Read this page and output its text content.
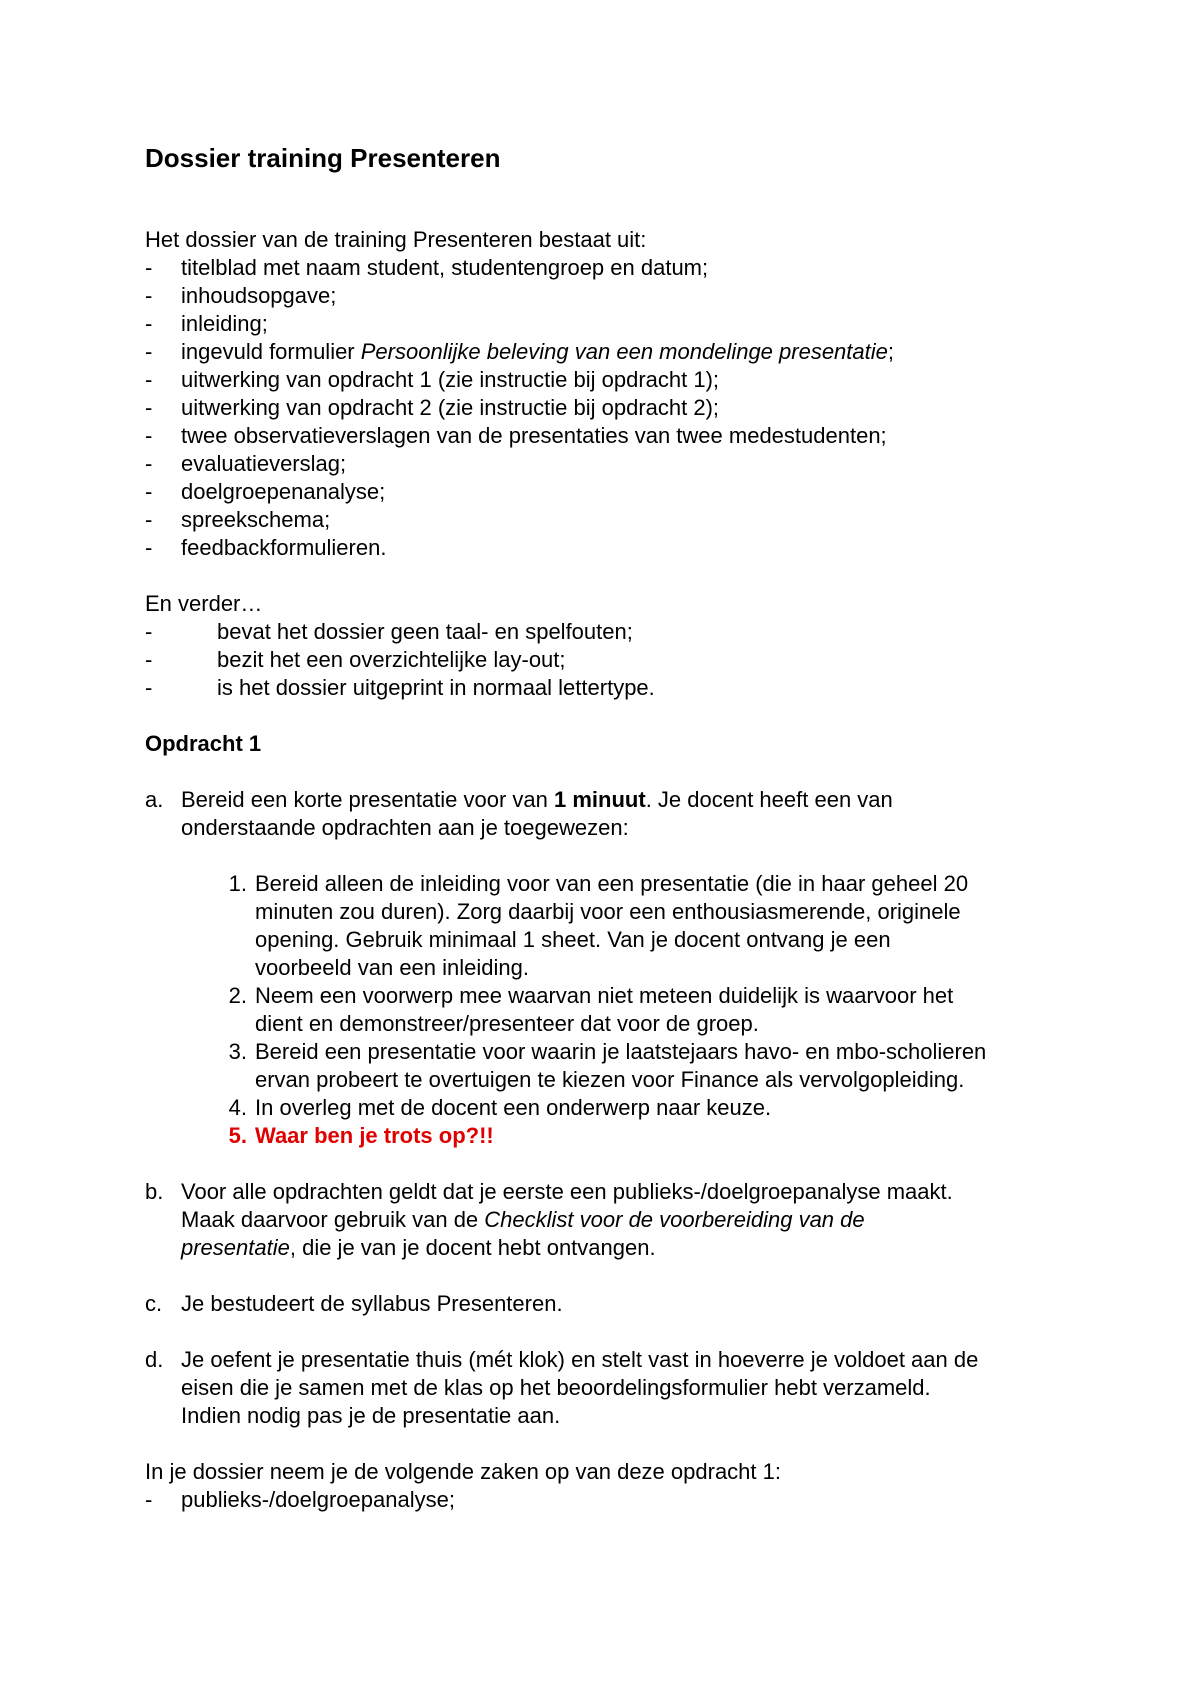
Dossier training Presenteren
Het dossier van de training Presenteren bestaat uit:
- titelblad met naam student, studentengroep en datum;
- inhoudsopgave;
- inleiding;
- ingevuld formulier Persoonlijke beleving van een mondelinge presentatie;
- uitwerking van opdracht 1 (zie instructie bij opdracht 1);
- uitwerking van opdracht 2 (zie instructie bij opdracht 2);
- twee observatieverslagen van de presentaties van twee medestudenten;
- evaluatieverslag;
- doelgroepenanalyse;
- spreekschema;
- feedbackformulieren.
En verder…
-	bevat het dossier geen taal- en spelfouten;
-	bezit het een overzichtelijke lay-out;
-	is het dossier uitgeprint in normaal lettertype.
Opdracht 1
a. Bereid een korte presentatie voor van 1 minuut. Je docent heeft een van
onderstaande opdrachten aan je toegewezen:
1. Bereid alleen de inleiding voor van een presentatie (die in haar geheel 20
minuten zou duren). Zorg daarbij voor een enthousiasmerende, originele
opening. Gebruik minimaal 1 sheet. Van je docent ontvang je een
voorbeeld van een inleiding.
2. Neem een voorwerp mee waarvan niet meteen duidelijk is waarvoor het
dient en demonstreer/presenteer dat voor de groep.
3. Bereid een presentatie voor waarin je laatstejaars havo- en mbo-scholieren
ervan probeert te overtuigen te kiezen voor Finance als vervolgopleiding.
4. In overleg met de docent een onderwerp naar keuze.
5. Waar ben je trots op?!!
b. Voor alle opdrachten geldt dat je eerste een publieks-/doelgroepanalyse maakt.
Maak daarvoor gebruik van de Checklist voor de voorbereiding van de
presentatie, die je van je docent hebt ontvangen.
c. Je bestudeert de syllabus Presenteren.
d. Je oefent je presentatie thuis (mét klok) en stelt vast in hoeverre je voldoet aan de
eisen die je samen met de klas op het beoordelingsformulier hebt verzameld.
Indien nodig pas je de presentatie aan.
In je dossier neem je de volgende zaken op van deze opdracht 1:
- publieks-/doelgroepanalyse;
